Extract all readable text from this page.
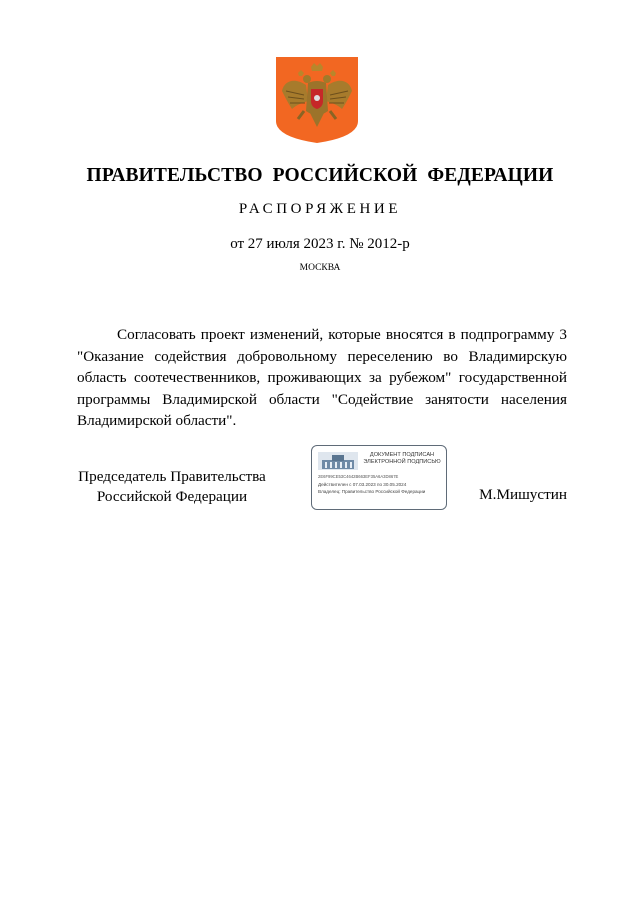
ПРАВИТЕЛЬСТВО РОССИЙСКОЙ ФЕДЕРАЦИИ
РАСПОРЯЖЕНИЕ
от 27 июля 2023 г. № 2012-р
МОСКВА
Согласовать проект изменений, которые вносятся в подпрограмму 3 "Оказание содействия добровольному переселению во Владимирскую область соотечественников, проживающих за рубежом" государственной программы Владимирской области "Содействие занятости населения Владимирской области".
Председатель Правительства
Российской Федерации
ДОКУМЕНТ ПОДПИСАН
ЭЛЕКТРОННОЙ ПОДПИСЬЮ
2E6F99CE53C4642B663EF35A6A3D867E
Действителен с 07.03.2023 по 30.05.2024
Владелец: Правительство Российской Федерации	М.Мишустин
